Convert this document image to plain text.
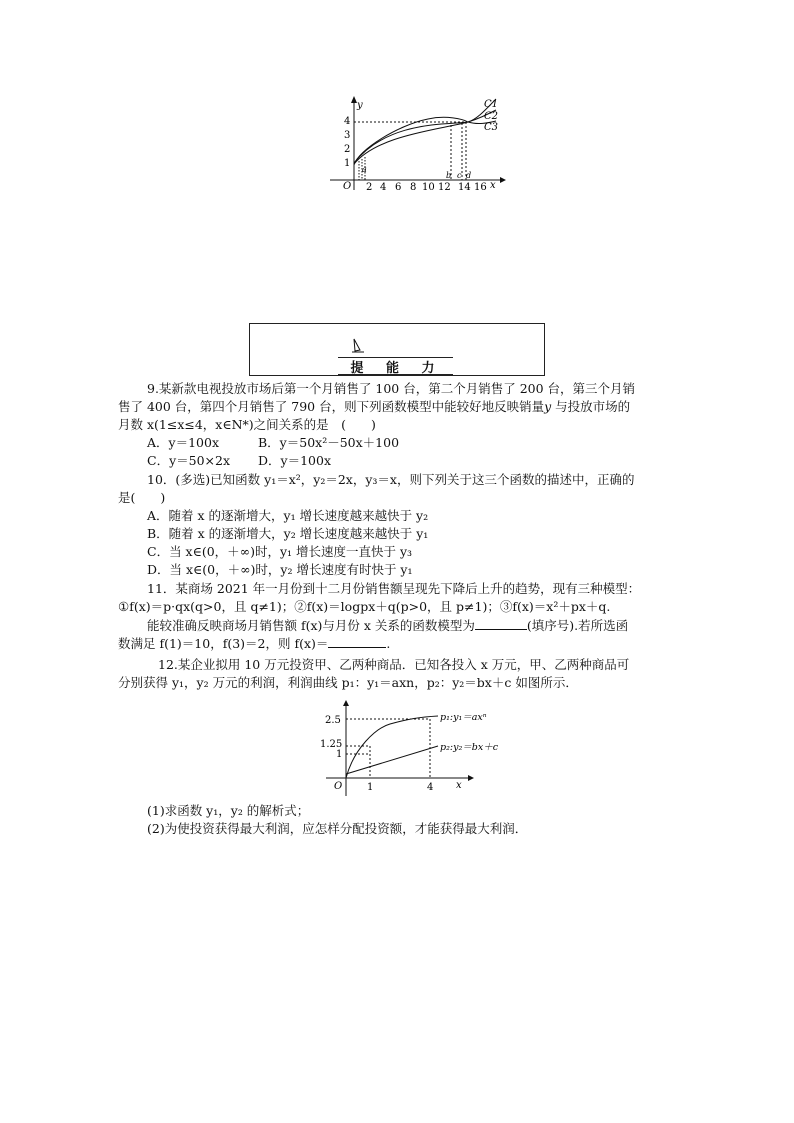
y
x
O
4
3
2
1
2 4 6 8 10 12 14 16
C1
C2
C3
a
b c d
提 能 力
9.某新款电视投放市场后第一个月销售了 100 台，第二个月销售了 200 台，第三个月销
售了 400 台，第四个月销售了 790 台，则下列函数模型中能较好地反映销量y 与投放市场的
月数 x(1≤x≤4，x∈N*)之间关系的是　(　　)
A．y＝100x	B．y＝50x²－50x＋100
C．y＝50×2x D．y＝100x
10．(多选)已知函数 y₁＝x²，y₂＝2x，y₃＝x，则下列关于这三个函数的描述中，正确的
是(　　)
A．随着 x 的逐渐增大，y₁ 增长速度越来越快于 y₂
B．随着 x 的逐渐增大，y₂ 增长速度越来越快于 y₁
C．当 x∈(0，＋∞)时，y₁ 增长速度一直快于 y₃
D．当 x∈(0，＋∞)时，y₂ 增长速度有时快于 y₁
11．某商场 2021 年一月份到十二月份销售额呈现先下降后上升的趋势，现有三种模型：
①f(x)＝p·qx(q>0，且 q≠1)；②f(x)＝logpx＋q(p>0，且 p≠1)；③f(x)＝x²＋px＋q.
能较准确反映商场月销售额 f(x)与月份 x 关系的函数模型为	(填序号).若所选函
数满足 f(1)＝10，f(3)＝2，则 f(x)＝	.
12.某企业拟用 10 万元投资甲、乙两种商品．已知各投入 x 万元，甲、乙两种商品可
分别获得 y₁，y₂ 万元的利润，利润曲线 p₁：y₁＝axn，p₂：y₂＝bx＋c 如图所示．
O	x
2.5
1.25
1
1	4
p₁:y₁＝axⁿ
p₂:y₂＝bx＋c
(1)求函数 y₁，y₂ 的解析式；
(2)为使投资获得最大利润，应怎样分配投资额，才能获得最大利润．
